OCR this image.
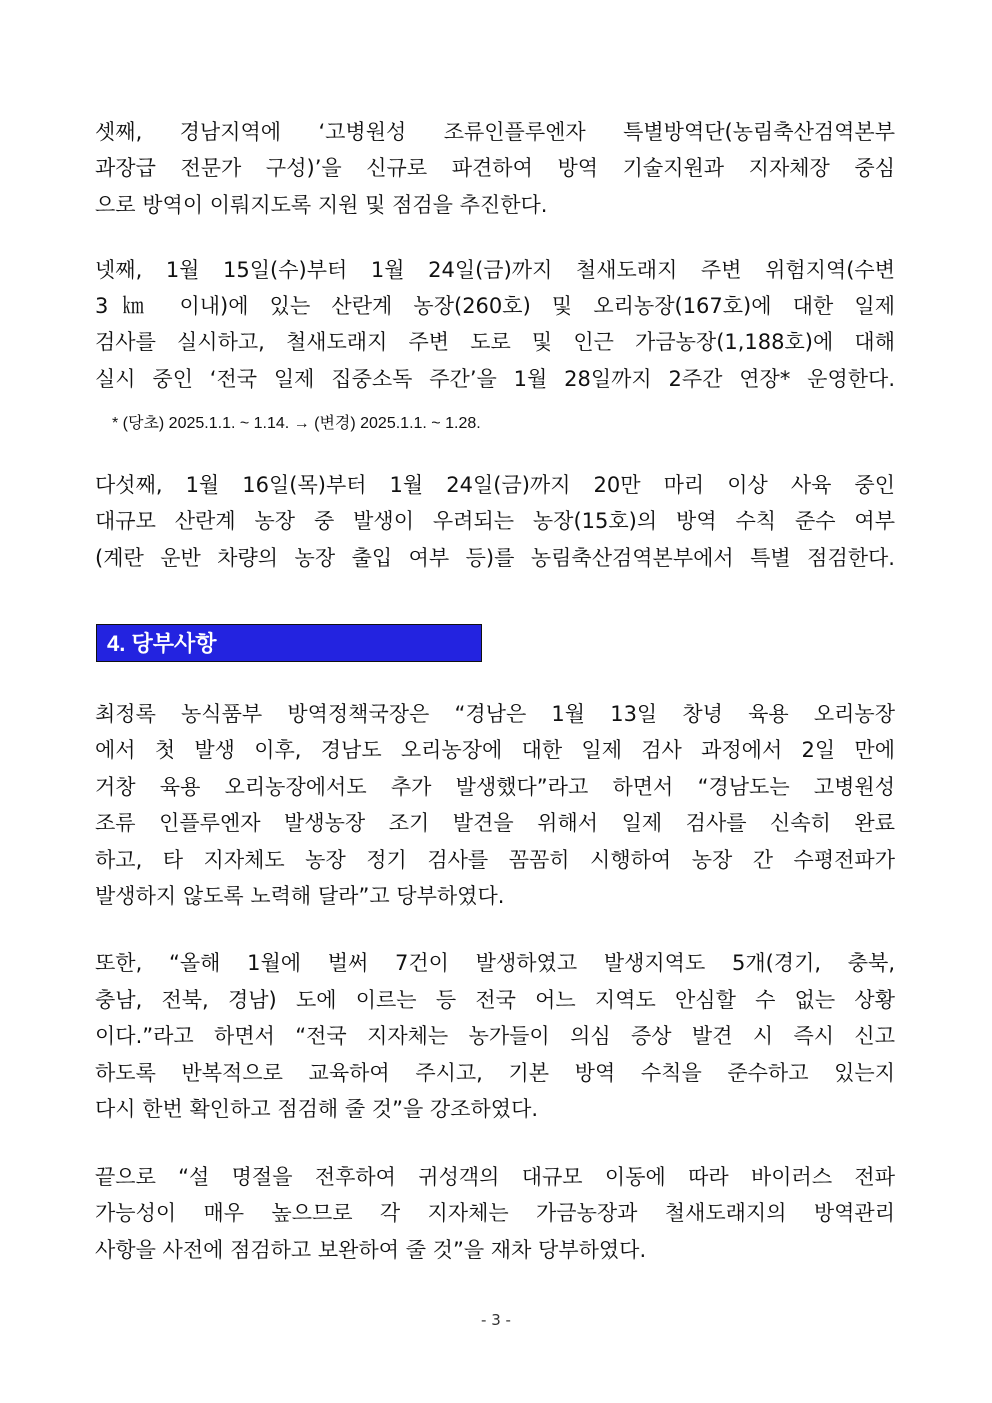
셋째, 경남지역에 ‘고병원성 조류인플루엔자 특별방역단(농림축산검역본부
과장급 전문가 구성)’을 신규로 파견하여 방역 기술지원과 지자체장 중심
으로 방역이 이뤄지도록 지원 및 점검을 추진한다.
넷째, 1월 15일(수)부터 1월 24일(금)까지 철새도래지 주변 위험지역(수변
3㎞ 이내)에 있는 산란계 농장(260호) 및 오리농장(167호)에 대한 일제
검사를 실시하고, 철새도래지 주변 도로 및 인근 가금농장(1,188호)에 대해
실시 중인 ‘전국 일제 집중소독 주간’을 1월 28일까지 2주간 연장* 운영한다.
* (당초) 2025.1.1. ~ 1.14. → (변경) 2025.1.1. ~ 1.28.
다섯째, 1월 16일(목)부터 1월 24일(금)까지 20만 마리 이상 사육 중인
대규모 산란계 농장 중 발생이 우려되는 농장(15호)의 방역 수칙 준수 여부
(계란 운반 차량의 농장 출입 여부 등)를 농림축산검역본부에서 특별 점검한다.
4. 당부사항
최정록 농식품부 방역정책국장은 “경남은 1월 13일 창녕 육용 오리농장
에서 첫 발생 이후, 경남도 오리농장에 대한 일제 검사 과정에서 2일 만에
거창 육용 오리농장에서도 추가 발생했다”라고 하면서 “경남도는 고병원성
조류 인플루엔자 발생농장 조기 발견을 위해서 일제 검사를 신속히 완료
하고, 타 지자체도 농장 정기 검사를 꼼꼼히 시행하여 농장 간 수평전파가
발생하지 않도록 노력해 달라”고 당부하였다.
또한, “올해 1월에 벌써 7건이 발생하였고 발생지역도 5개(경기, 충북,
충남, 전북, 경남) 도에 이르는 등 전국 어느 지역도 안심할 수 없는 상황
이다.”라고 하면서 “전국 지자체는 농가들이 의심 증상 발견 시 즉시 신고
하도록 반복적으로 교육하여 주시고, 기본 방역 수칙을 준수하고 있는지
다시 한번 확인하고 점검해 줄 것”을 강조하였다.
끝으로 “설 명절을 전후하여 귀성객의 대규모 이동에 따라 바이러스 전파
가능성이 매우 높으므로 각 지자체는 가금농장과 철새도래지의 방역관리
사항을 사전에 점검하고 보완하여 줄 것”을 재차 당부하였다.
- 3 -
